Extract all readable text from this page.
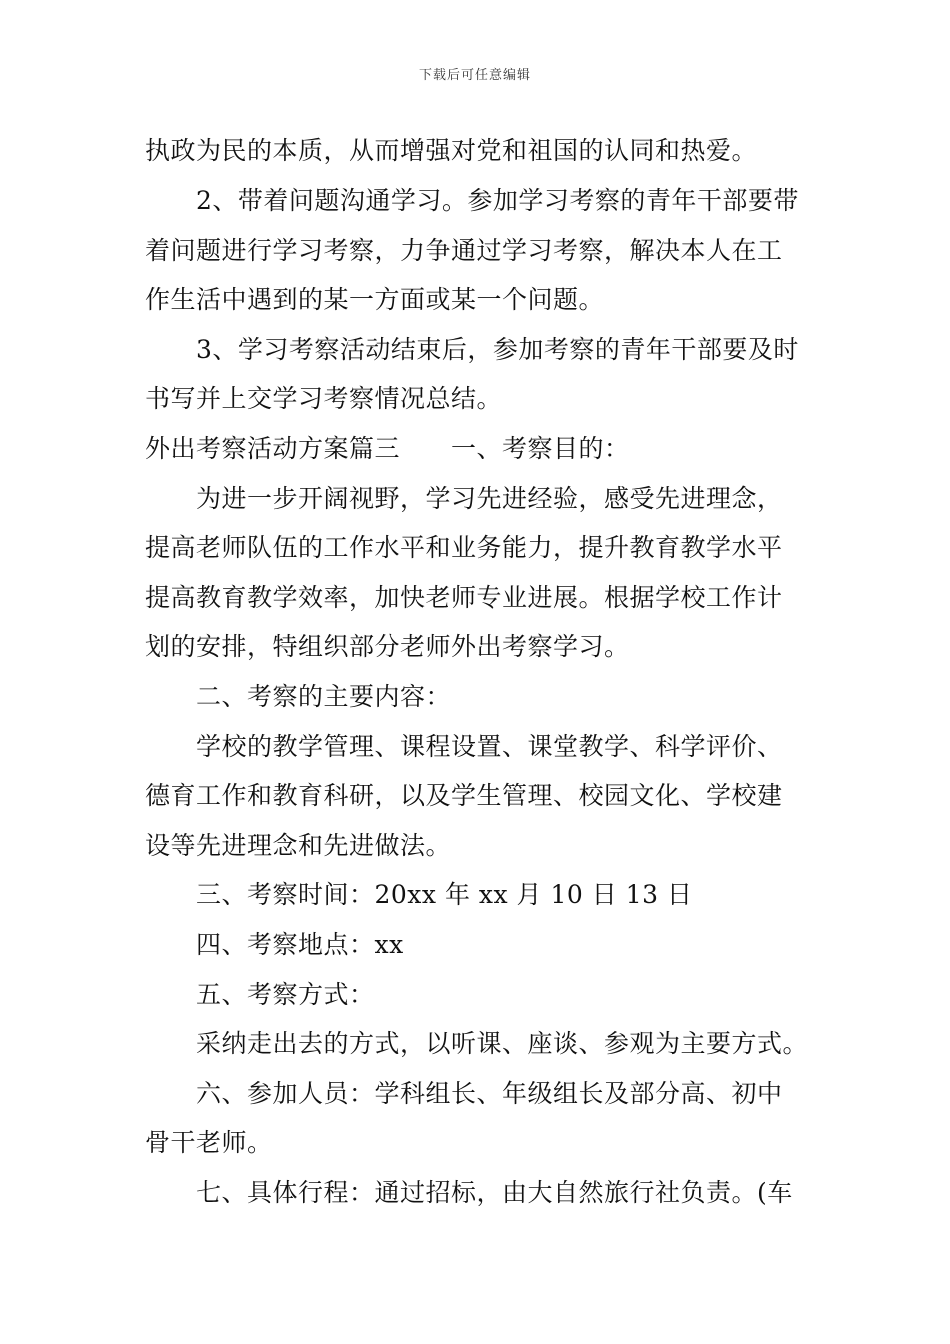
下载后可任意编辑
执政为民的本质，从而增强对党和祖国的认同和热爱。
2、带着问题沟通学习。参加学习考察的青年干部要带
着问题进行学习考察，力争通过学习考察，解决本人在工
作生活中遇到的某一方面或某一个问题。
3、学习考察活动结束后，参加考察的青年干部要及时
书写并上交学习考察情况总结。
外出考察活动方案篇三　　一、考察目的：
为进一步开阔视野，学习先进经验，感受先进理念，
提高老师队伍的工作水平和业务能力，提升教育教学水平
提高教育教学效率，加快老师专业进展。根据学校工作计
划的安排，特组织部分老师外出考察学习。
二、考察的主要内容：
学校的教学管理、课程设置、课堂教学、科学评价、
德育工作和教育科研，以及学生管理、校园文化、学校建
设等先进理念和先进做法。
三、考察时间：20xx 年 xx 月 10 日 13 日
四、考察地点：xx
五、考察方式：
采纳走出去的方式，以听课、座谈、参观为主要方式。
六、参加人员：学科组长、年级组长及部分高、初中
骨干老师。
七、具体行程：通过招标，由大自然旅行社负责。(车
